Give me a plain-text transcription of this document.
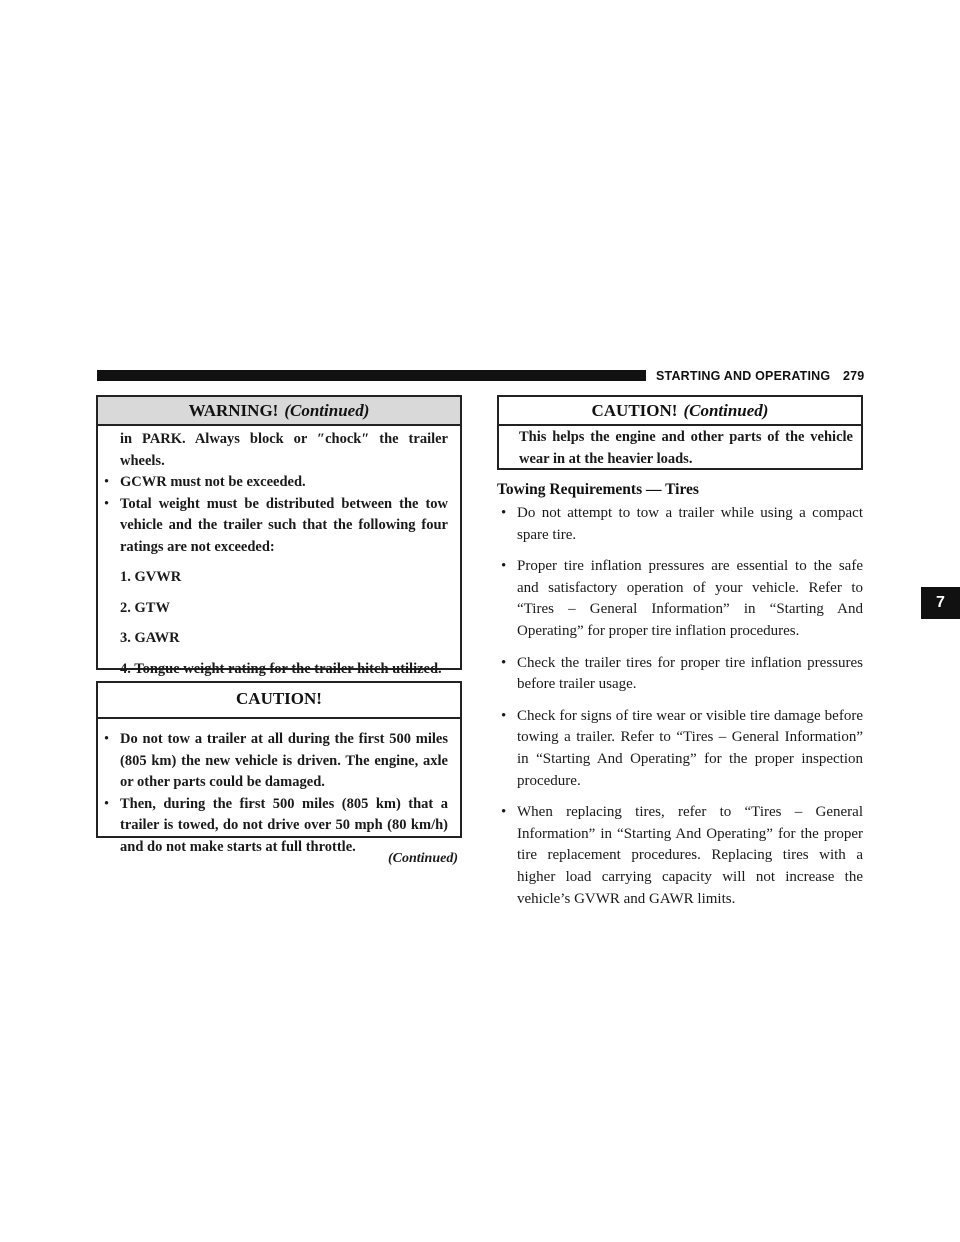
STARTING AND OPERATING 279
WARNING! (Continued)
in PARK. Always block or ″chock″ the trailer wheels.
• GCWR must not be exceeded.
• Total weight must be distributed between the tow vehicle and the trailer such that the following four ratings are not exceeded:
1. GVWR
2. GTW
3. GAWR
4. Tongue weight rating for the trailer hitch utilized.
CAUTION!
• Do not tow a trailer at all during the first 500 miles (805 km) the new vehicle is driven. The engine, axle or other parts could be damaged.
• Then, during the first 500 miles (805 km) that a trailer is towed, do not drive over 50 mph (80 km/h) and do not make starts at full throttle.
(Continued)
CAUTION! (Continued)
This helps the engine and other parts of the vehicle wear in at the heavier loads.
Towing Requirements — Tires
• Do not attempt to tow a trailer while using a compact spare tire.
• Proper tire inflation pressures are essential to the safe and satisfactory operation of your vehicle. Refer to “Tires – General Information” in “Starting And Operating” for proper tire inflation procedures.
• Check the trailer tires for proper tire inflation pressures before trailer usage.
• Check for signs of tire wear or visible tire damage before towing a trailer. Refer to “Tires – General Information” in “Starting And Operating” for the proper inspection procedure.
• When replacing tires, refer to “Tires – General Information” in “Starting And Operating” for the proper tire replacement procedures. Replacing tires with a higher load carrying capacity will not increase the vehicle’s GVWR and GAWR limits.
7
